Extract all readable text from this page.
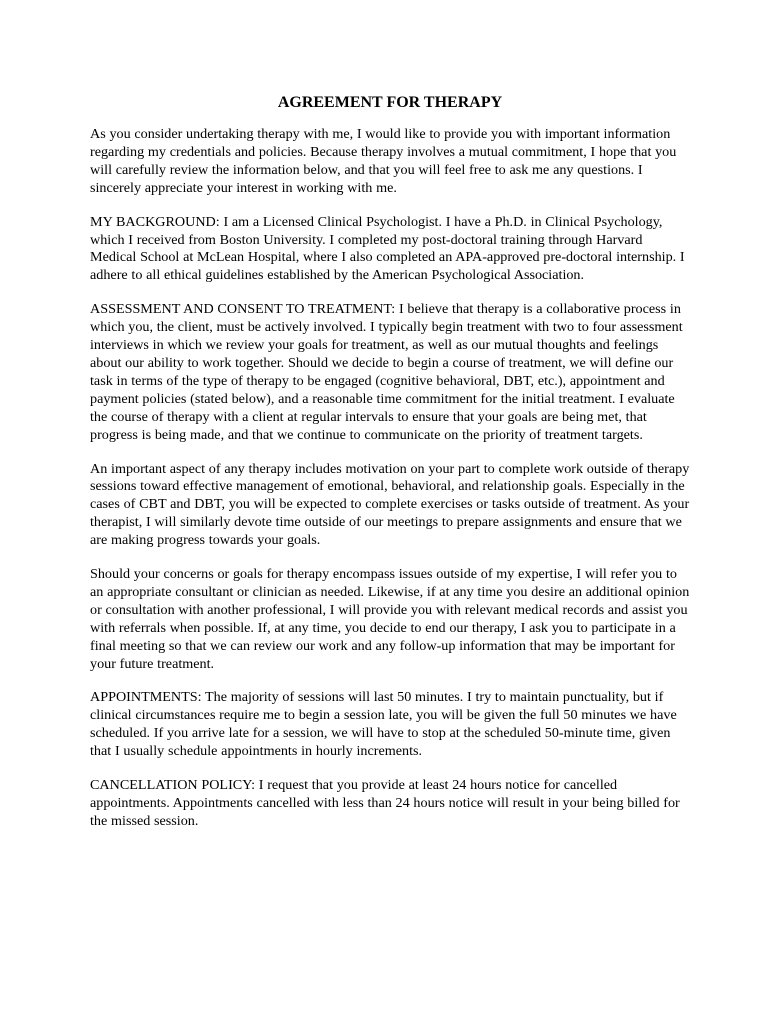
AGREEMENT FOR THERAPY

As you consider undertaking therapy with me, I would like to provide you with important information regarding my credentials and policies. Because therapy involves a mutual commitment, I hope that you will carefully review the information below, and that you will feel free to ask me any questions. I sincerely appreciate your interest in working with me.

MY BACKGROUND: I am a Licensed Clinical Psychologist. I have a Ph.D. in Clinical Psychology, which I received from Boston University. I completed my post-doctoral training through Harvard Medical School at McLean Hospital, where I also completed an APA-approved pre-doctoral internship. I adhere to all ethical guidelines established by the American Psychological Association.

ASSESSMENT AND CONSENT TO TREATMENT: I believe that therapy is a collaborative process in which you, the client, must be actively involved. I typically begin treatment with two to four assessment interviews in which we review your goals for treatment, as well as our mutual thoughts and feelings about our ability to work together. Should we decide to begin a course of treatment, we will define our task in terms of the type of therapy to be engaged (cognitive behavioral, DBT, etc.), appointment and payment policies (stated below), and a reasonable time commitment for the initial treatment. I evaluate the course of therapy with a client at regular intervals to ensure that your goals are being met, that progress is being made, and that we continue to communicate on the priority of treatment targets.

An important aspect of any therapy includes motivation on your part to complete work outside of therapy sessions toward effective management of emotional, behavioral, and relationship goals. Especially in the cases of CBT and DBT, you will be expected to complete exercises or tasks outside of treatment. As your therapist, I will similarly devote time outside of our meetings to prepare assignments and ensure that we are making progress towards your goals.

Should your concerns or goals for therapy encompass issues outside of my expertise, I will refer you to an appropriate consultant or clinician as needed. Likewise, if at any time you desire an additional opinion or consultation with another professional, I will provide you with relevant medical records and assist you with referrals when possible. If, at any time, you decide to end our therapy, I ask you to participate in a final meeting so that we can review our work and any follow-up information that may be important for your future treatment.

APPOINTMENTS: The majority of sessions will last 50 minutes. I try to maintain punctuality, but if clinical circumstances require me to begin a session late, you will be given the full 50 minutes we have scheduled. If you arrive late for a session, we will have to stop at the scheduled 50-minute time, given that I usually schedule appointments in hourly increments.

CANCELLATION POLICY: I request that you provide at least 24 hours notice for cancelled appointments. Appointments cancelled with less than 24 hours notice will result in your being billed for the missed session.
